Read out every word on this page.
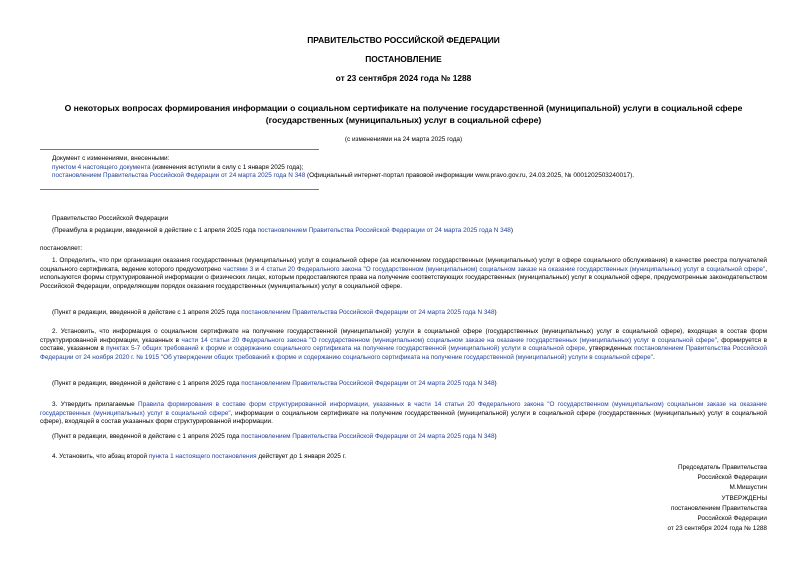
ПРАВИТЕЛЬСТВО РОССИЙСКОЙ ФЕДЕРАЦИИ
ПОСТАНОВЛЕНИЕ
от 23 сентября 2024 года № 1288
О некоторых вопросах формирования информации о социальном сертификате на получение государственной (муниципальной) услуги в социальной сфере
(государственных (муниципальных) услуг в социальной сфере)
(с изменениями на 24 марта 2025 года)
Документ с изменениями, внесенными:
пунктом 4 настоящего документа (изменения вступили в силу с 1 января 2025 года);
постановлением Правительства Российской Федерации от 24 марта 2025 года N 348 (Официальный интернет-портал правовой информации www.pravo.gov.ru, 24.03.2025, № 0001202503240017).
Правительство Российской Федерации
(Преамбула в редакции, введенной в действие с 1 апреля 2025 года постановлением Правительства Российской Федерации от 24 марта 2025 года N 348)
постановляет:
1. Определить, что при организации оказания государственных (муниципальных) услуг в социальной сфере (за исключением государственных (муниципальных) услуг в сфере социального обслуживания) в качестве реестра получателей социального сертификата, ведение которого предусмотрено частями 3 и 4 статьи 20 Федерального закона "О государственном (муниципальном) социальном заказе на оказание государственных (муниципальных) услуг в социальной сфере", используются формы структурированной информации о физических лицах, которым предоставляются права на получение соответствующих государственных (муниципальных) услуг в социальной сфере, предусмотренные законодательством Российской Федерации, определяющим порядок оказания государственных (муниципальных) услуг в социальной сфере.
(Пункт в редакции, введенной в действие с 1 апреля 2025 года постановлением Правительства Российской Федерации от 24 марта 2025 года N 348)
2. Установить, что информация о социальном сертификате на получение государственной (муниципальной) услуги в социальной сфере (государственных (муниципальных) услуг в социальной сфере), входящая в состав форм структурированной информации, указанных в части 14 статьи 20 Федерального закона "О государственном (муниципальном) социальном заказе на оказание государственных (муниципальных) услуг в социальной сфере", формируется в составе, указанном в пунктах 5-7 общих требований к форме и содержанию социального сертификата на получение государственной (муниципальной) услуги в социальной сфере, утвержденных постановлением Правительства Российской Федерации от 24 ноября 2020 г. № 1915 "Об утверждении общих требований к форме и содержанию социального сертификата на получение государственной (муниципальной) услуги в социальной сфере".
(Пункт в редакции, введенной в действие с 1 апреля 2025 года постановлением Правительства Российской Федерации от 24 марта 2025 года N 348)
3. Утвердить прилагаемые Правила формирования в составе форм структурированной информации, указанных в части 14 статьи 20 Федерального закона "О государственном (муниципальном) социальном заказе на оказание государственных (муниципальных) услуг в социальной сфере", информации о социальном сертификате на получение государственной (муниципальной) услуги в социальной сфере (государственных (муниципальных) услуг в социальной сфере), входящей в состав указанных форм структурированной информации.
(Пункт в редакции, введенной в действие с 1 апреля 2025 года постановлением Правительства Российской Федерации от 24 марта 2025 года N 348)
4. Установить, что абзац второй пункта 1 настоящего постановления действует до 1 января 2025 г.
Председатель Правительства
Российской Федерации
М.Мишустин
УТВЕРЖДЕНЫ
постановлением Правительства
Российской Федерации
от 23 сентября 2024 года № 1288
